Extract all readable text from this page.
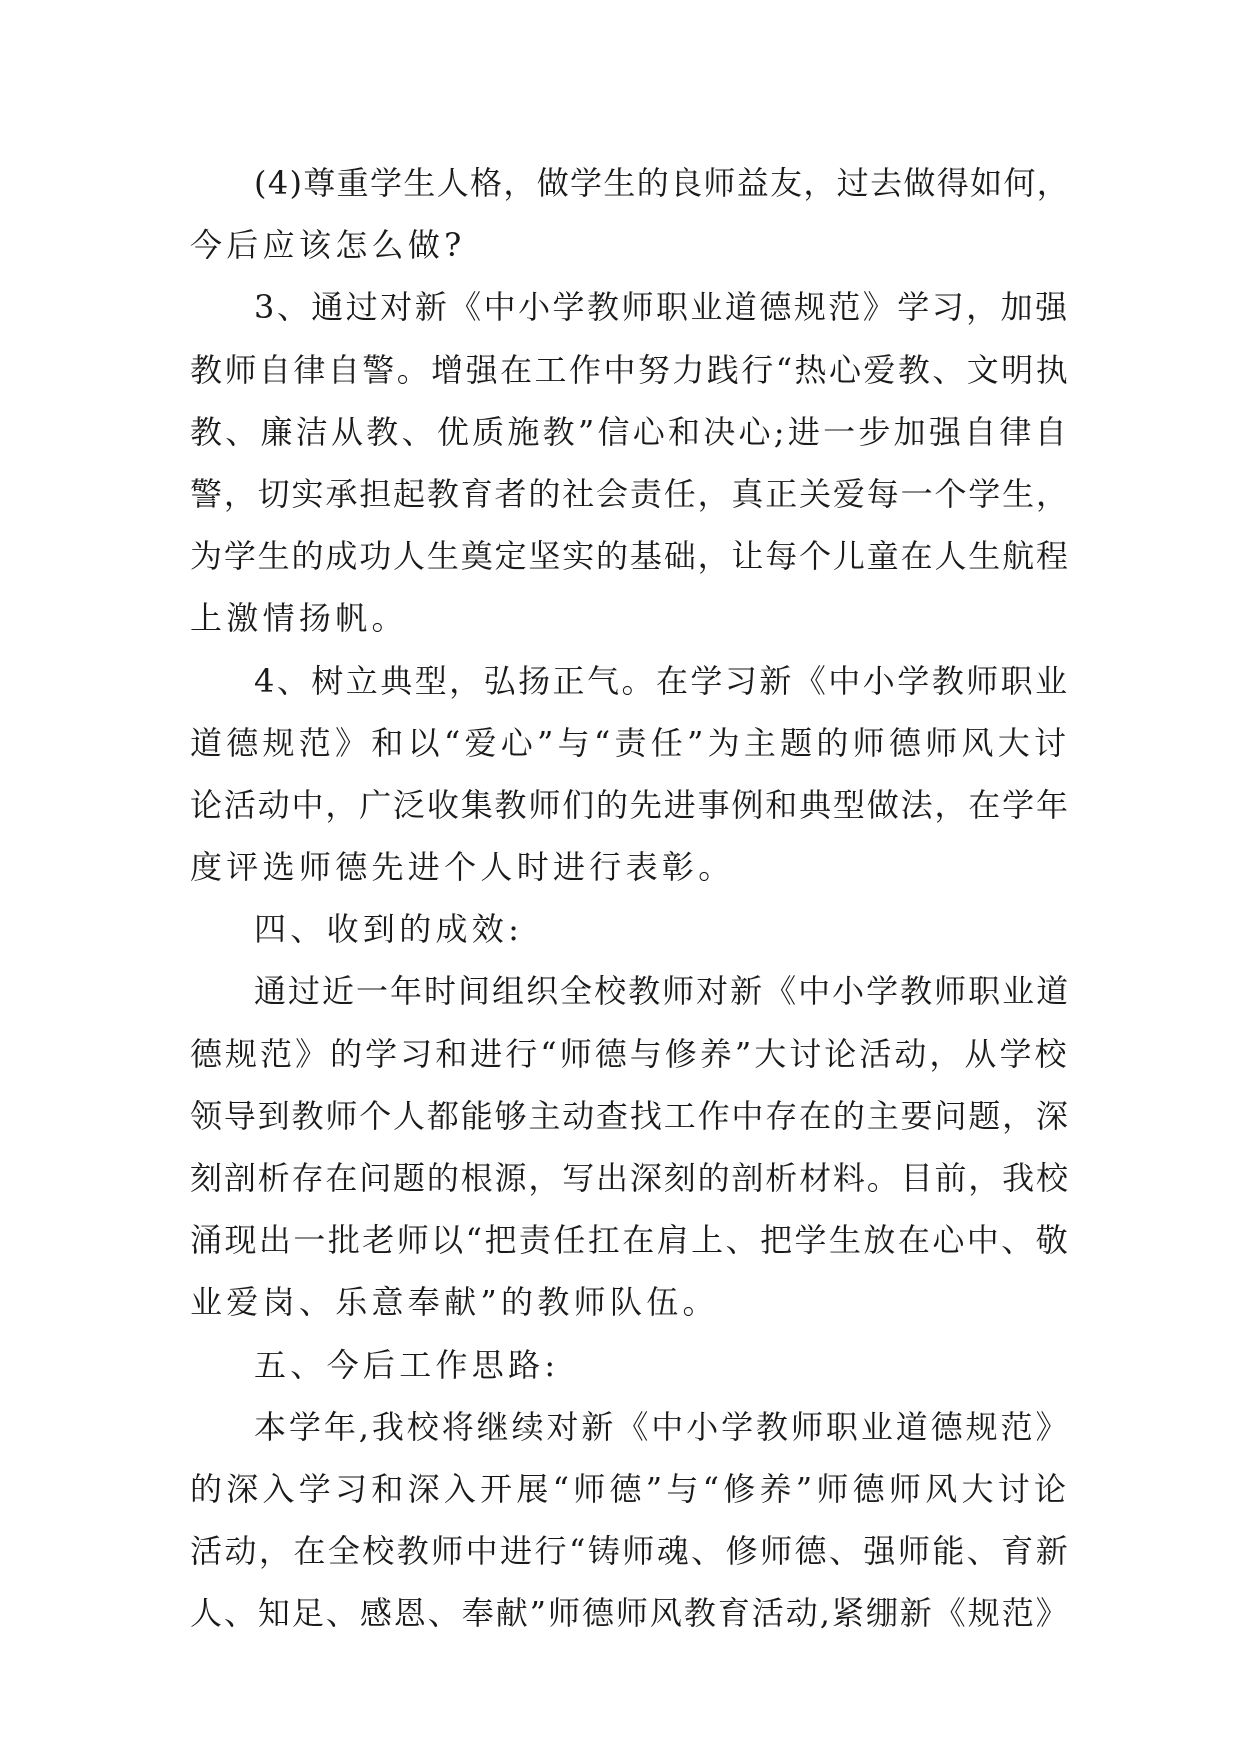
(4)尊重学生人格，做学生的良师益友，过去做得如何，
今后应该怎么做?
3、通过对新《中小学教师职业道德规范》学习，加强
教师自律自警。增强在工作中努力践行“热心爱教、文明执
教、廉洁从教、优质施教”信心和决心;进一步加强自律自
警，切实承担起教育者的社会责任，真正关爱每一个学生，
为学生的成功人生奠定坚实的基础，让每个儿童在人生航程
上激情扬帆。
4、树立典型，弘扬正气。在学习新《中小学教师职业
道德规范》和以“爱心”与“责任”为主题的师德师风大讨
论活动中，广泛收集教师们的先进事例和典型做法，在学年
度评选师德先进个人时进行表彰。
四、收到的成效:
通过近一年时间组织全校教师对新《中小学教师职业道
德规范》的学习和进行“师德与修养”大讨论活动，从学校
领导到教师个人都能够主动查找工作中存在的主要问题，深
刻剖析存在问题的根源，写出深刻的剖析材料。目前，我校
涌现出一批老师以“把责任扛在肩上、把学生放在心中、敬
业爱岗、乐意奉献”的教师队伍。
五、今后工作思路:
本学年,我校将继续对新《中小学教师职业道德规范》
的深入学习和深入开展“师德”与“修养”师德师风大讨论
活动，在全校教师中进行“铸师魂、修师德、强师能、育新
人、知足、感恩、奉献”师德师风教育活动,紧绷新《规范》
